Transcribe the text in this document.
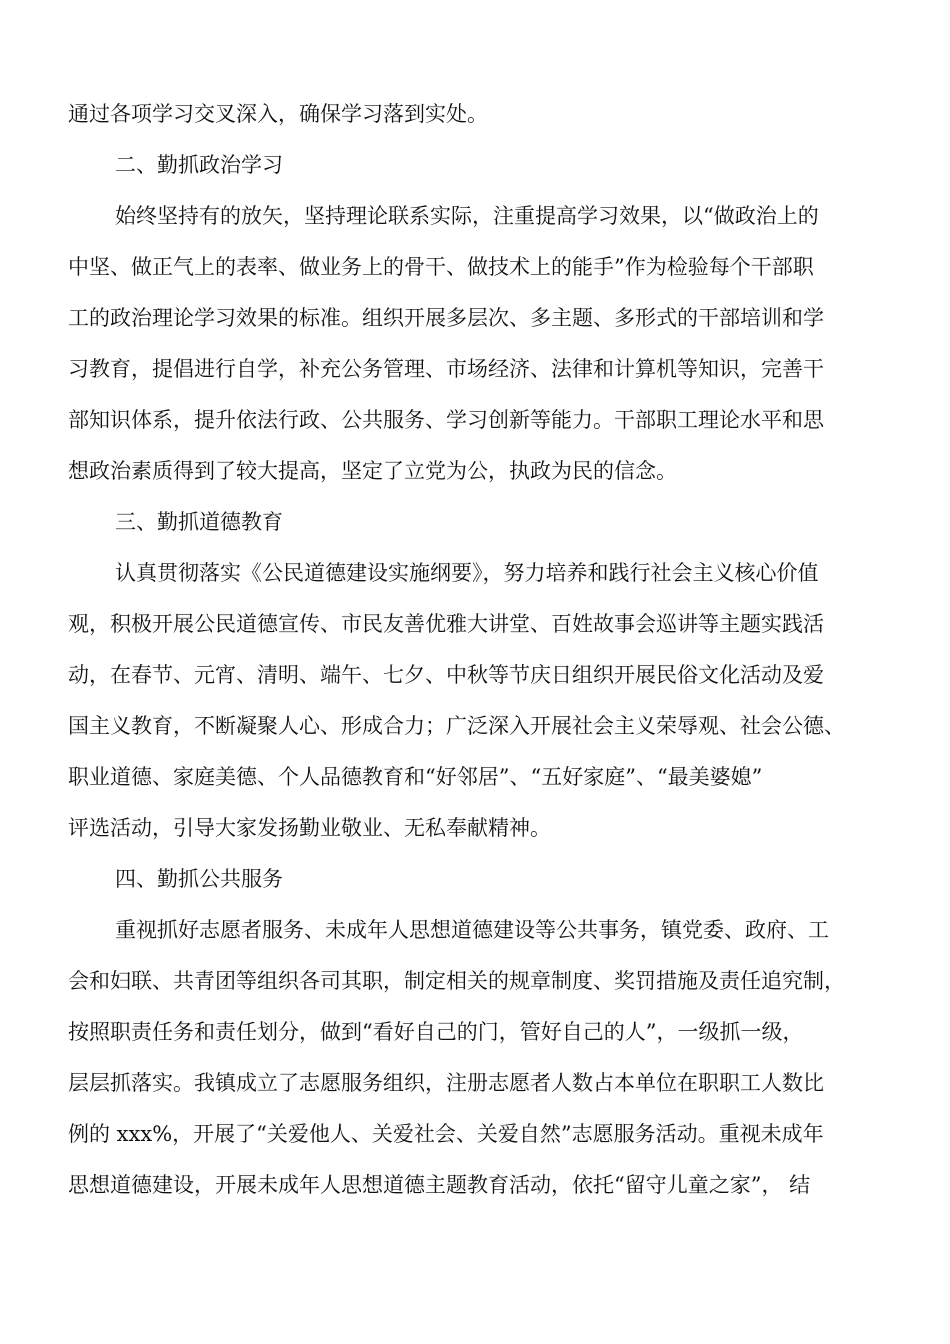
通过各项学习交叉深入，确保学习落到实处。
二、勤抓政治学习
始终坚持有的放矢，坚持理论联系实际，注重提高学习效果，以“做政治上的
中坚、做正气上的表率、做业务上的骨干、做技术上的能手”作为检验每个干部职
工的政治理论学习效果的标准。组织开展多层次、多主题、多形式的干部培训和学
习教育，提倡进行自学，补充公务管理、市场经济、法律和计算机等知识，完善干
部知识体系，提升依法行政、公共服务、学习创新等能力。干部职工理论水平和思
想政治素质得到了较大提高，坚定了立党为公，执政为民的信念。
三、勤抓道德教育
认真贯彻落实《公民道德建设实施纲要》，努力培养和践行社会主义核心价值
观，积极开展公民道德宣传、市民友善优雅大讲堂、百姓故事会巡讲等主题实践活
动，在春节、元宵、清明、端午、七夕、中秋等节庆日组织开展民俗文化活动及爱
国主义教育，不断凝聚人心、形成合力；广泛深入开展社会主义荣辱观、社会公德、
职业道德、家庭美德、个人品德教育和“好邻居”、“五好家庭”、“最美婆媳”
评选活动，引导大家发扬勤业敬业、无私奉献精神。
四、勤抓公共服务
重视抓好志愿者服务、未成年人思想道德建设等公共事务，镇党委、政府、工
会和妇联、共青团等组织各司其职，制定相关的规章制度、奖罚措施及责任追究制，
按照职责任务和责任划分，做到“看好自己的门，管好自己的人”，一级抓一级，
层层抓落实。我镇成立了志愿服务组织，注册志愿者人数占本单位在职职工人数比
例的 xxx%，开展了“关爱他人、关爱社会、关爱自然”志愿服务活动。重视未成年
思想道德建设，开展未成年人思想道德主题教育活动，依托“留守儿童之家”， 结
